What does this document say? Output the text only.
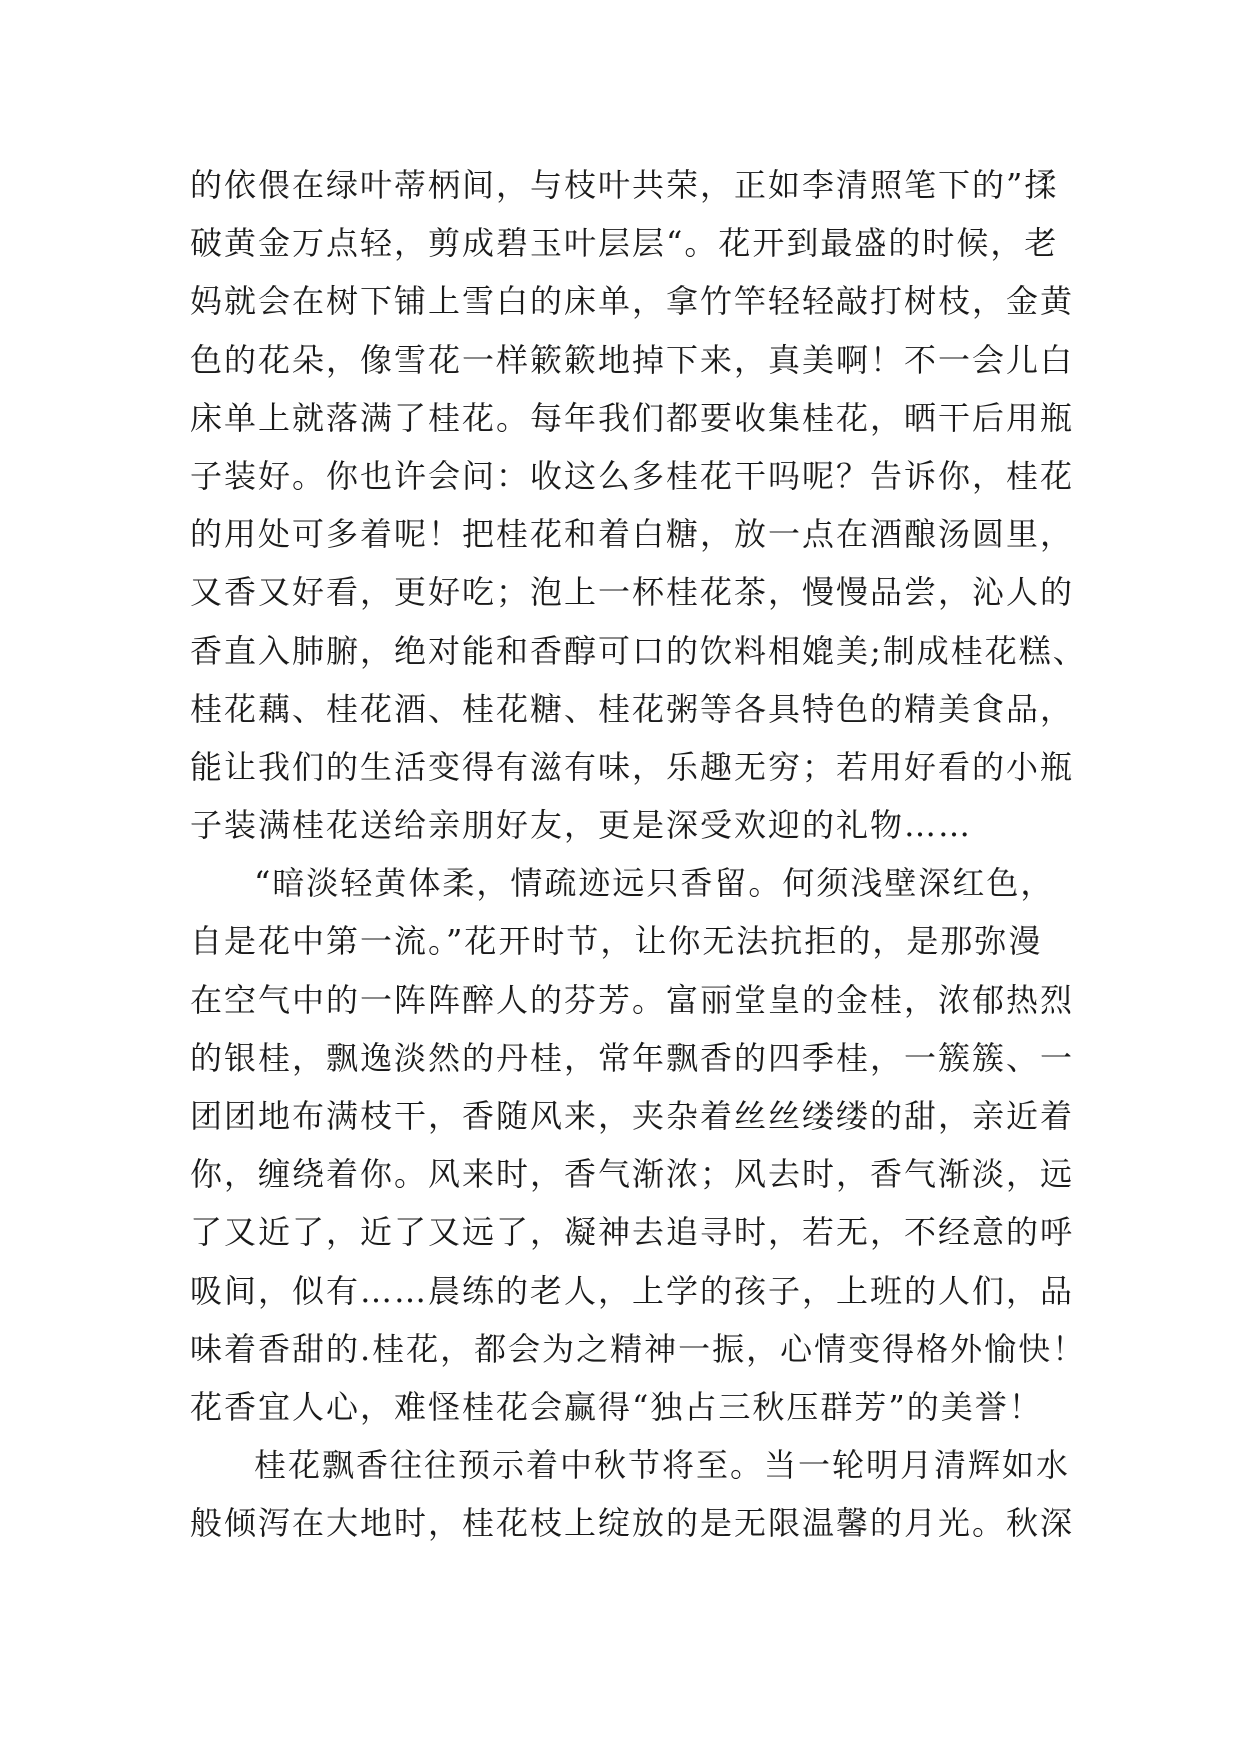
的依偎在绿叶蒂柄间，与枝叶共荣，正如李清照笔下的”揉
破黄金万点轻，剪成碧玉叶层层“。花开到最盛的时候，老
妈就会在树下铺上雪白的床单，拿竹竿轻轻敲打树枝，金黄
色的花朵，像雪花一样簌簌地掉下来，真美啊！不一会儿白
床单上就落满了桂花。每年我们都要收集桂花，晒干后用瓶
子装好。你也许会问：收这么多桂花干吗呢？告诉你，桂花
的用处可多着呢！把桂花和着白糖，放一点在酒酿汤圆里，
又香又好看，更好吃；泡上一杯桂花茶，慢慢品尝，沁人的
香直入肺腑，绝对能和香醇可口的饮料相媲美;制成桂花糕、
桂花藕、桂花酒、桂花糖、桂花粥等各具特色的精美食品，
能让我们的生活变得有滋有味，乐趣无穷；若用好看的小瓶
子装满桂花送给亲朋好友，更是深受欢迎的礼物……
“暗淡轻黄体柔，情疏迹远只香留。何须浅壁深红色，
自是花中第一流。”花开时节，让你无法抗拒的，是那弥漫
在空气中的一阵阵醉人的芬芳。富丽堂皇的金桂，浓郁热烈
的银桂，飘逸淡然的丹桂，常年飘香的四季桂，一簇簇、一
团团地布满枝干，香随风来，夹杂着丝丝缕缕的甜，亲近着
你，缠绕着你。风来时，香气渐浓；风去时，香气渐淡，远
了又近了，近了又远了，凝神去追寻时，若无，不经意的呼
吸间，似有……晨练的老人，上学的孩子，上班的人们，品
味着香甜的.桂花，都会为之精神一振，心情变得格外愉快！
花香宜人心，难怪桂花会赢得“独占三秋压群芳”的美誉！
桂花飘香往往预示着中秋节将至。当一轮明月清辉如水
般倾泻在大地时，桂花枝上绽放的是无限温馨的月光。秋深
